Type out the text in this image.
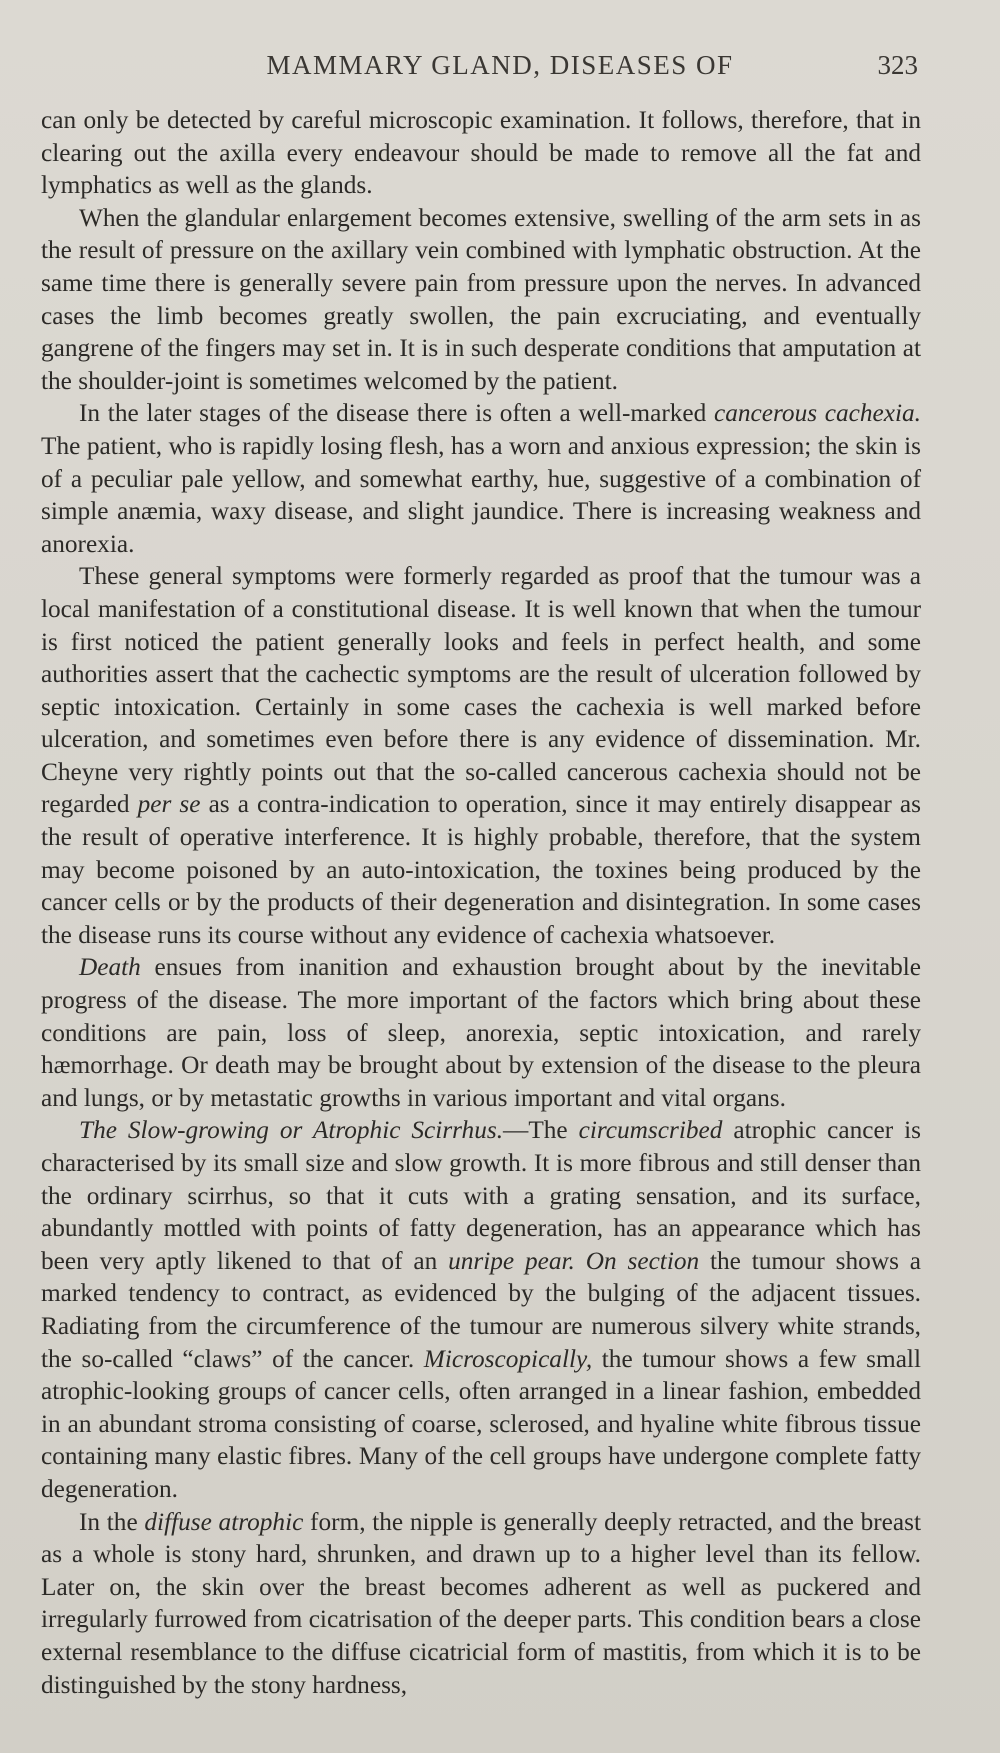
MAMMARY GLAND, DISEASES OF	323

can only be detected by careful microscopic examination. It follows, therefore, that in clearing out the axilla every endeavour should be made to remove all the fat and lymphatics as well as the glands.

When the glandular enlargement becomes extensive, swelling of the arm sets in as the result of pressure on the axillary vein combined with lymphatic obstruction. At the same time there is generally severe pain from pressure upon the nerves. In advanced cases the limb becomes greatly swollen, the pain excruciating, and eventually gangrene of the fingers may set in. It is in such desperate conditions that amputation at the shoulder-joint is sometimes welcomed by the patient.

In the later stages of the disease there is often a well-marked cancerous cachexia. The patient, who is rapidly losing flesh, has a worn and anxious expression; the skin is of a peculiar pale yellow, and somewhat earthy, hue, suggestive of a combination of simple anæmia, waxy disease, and slight jaundice. There is increasing weakness and anorexia.

These general symptoms were formerly regarded as proof that the tumour was a local manifestation of a constitutional disease. It is well known that when the tumour is first noticed the patient generally looks and feels in perfect health, and some authorities assert that the cachectic symptoms are the result of ulceration followed by septic intoxication. Certainly in some cases the cachexia is well marked before ulceration, and sometimes even before there is any evidence of dissemination. Mr. Cheyne very rightly points out that the so-called cancerous cachexia should not be regarded per se as a contra-indication to operation, since it may entirely disappear as the result of operative interference. It is highly probable, therefore, that the system may become poisoned by an auto-intoxication, the toxines being produced by the cancer cells or by the products of their degeneration and disintegration. In some cases the disease runs its course without any evidence of cachexia whatsoever.

Death ensues from inanition and exhaustion brought about by the inevitable progress of the disease. The more important of the factors which bring about these conditions are pain, loss of sleep, anorexia, septic intoxication, and rarely hæmorrhage. Or death may be brought about by extension of the disease to the pleura and lungs, or by metastatic growths in various important and vital organs.

The Slow-growing or Atrophic Scirrhus.—The circumscribed atrophic cancer is characterised by its small size and slow growth. It is more fibrous and still denser than the ordinary scirrhus, so that it cuts with a grating sensation, and its surface, abundantly mottled with points of fatty degeneration, has an appearance which has been very aptly likened to that of an unripe pear. On section the tumour shows a marked tendency to contract, as evidenced by the bulging of the adjacent tissues. Radiating from the circumference of the tumour are numerous silvery white strands, the so-called “claws” of the cancer. Microscopically, the tumour shows a few small atrophic-looking groups of cancer cells, often arranged in a linear fashion, embedded in an abundant stroma consisting of coarse, sclerosed, and hyaline white fibrous tissue containing many elastic fibres. Many of the cell groups have undergone complete fatty degeneration.

In the diffuse atrophic form, the nipple is generally deeply retracted, and the breast as a whole is stony hard, shrunken, and drawn up to a higher level than its fellow. Later on, the skin over the breast becomes adherent as well as puckered and irregularly furrowed from cicatrisation of the deeper parts. This condition bears a close external resemblance to the diffuse cicatricial form of mastitis, from which it is to be distinguished by the stony hardness,
